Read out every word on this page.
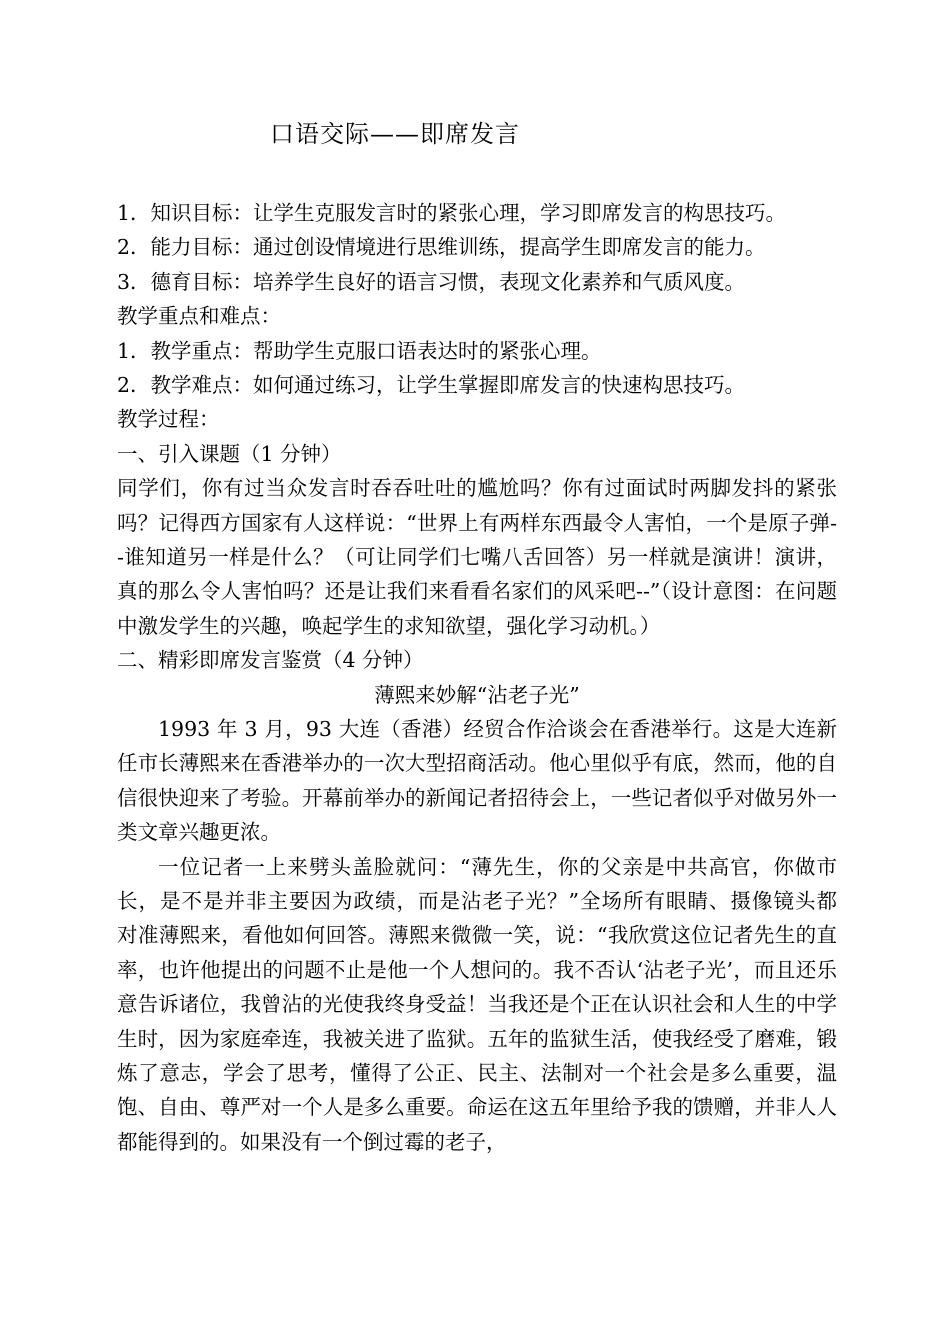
口语交际——即席发言
1．知识目标：让学生克服发言时的紧张心理，学习即席发言的构思技巧。
2．能力目标：通过创设情境进行思维训练，提高学生即席发言的能力。
3．德育目标：培养学生良好的语言习惯，表现文化素养和气质风度。
教学重点和难点：
1．教学重点：帮助学生克服口语表达时的紧张心理。
2．教学难点：如何通过练习，让学生掌握即席发言的快速构思技巧。
教学过程：
一、引入课题（1 分钟）
同学们，你有过当众发言时吞吞吐吐的尴尬吗？你有过面试时两脚发抖的紧张吗？记得西方国家有人这样说：“世界上有两样东西最令人害怕，一个是原子弹--谁知道另一样是什么？（可让同学们七嘴八舌回答）另一样就是演讲！演讲，真的那么令人害怕吗？还是让我们来看看名家们的风采吧--”（设计意图：在问题中激发学生的兴趣，唤起学生的求知欲望，强化学习动机。）
二、精彩即席发言鉴赏（4 分钟）
薄熙来妙解“沾老子光”
1993 年 3 月，93 大连（香港）经贸合作洽谈会在香港举行。这是大连新任市长薄熙来在香港举办的一次大型招商活动。他心里似乎有底，然而，他的自信很快迎来了考验。开幕前举办的新闻记者招待会上，一些记者似乎对做另外一类文章兴趣更浓。
一位记者一上来劈头盖脸就问：“薄先生，你的父亲是中共高官，你做市长，是不是并非主要因为政绩，而是沾老子光？”全场所有眼睛、摄像镜头都　对准薄熙来，看他如何回答。薄熙来微微一笑，说：“我欣赏这位记者先生的直率，也许他提出的问题不止是他一个人想问的。我不否认‘沾老子光’，而且还乐意告诉诸位，我曾沾的光使我终身受益！当我还是个正在认识社会和人生的中学生时，因为家庭牵连，我被关进了监狱。五年的监狱生活，使我经受了磨难，锻炼了意志，学会了思考，懂得了公正、民主、法制对一个社会是多么重要，温饱、自由、尊严对一个人是多么重要。命运在这五年里给予我的馈赠，并非人人都能得到的。如果没有一个倒过霉的老子，
